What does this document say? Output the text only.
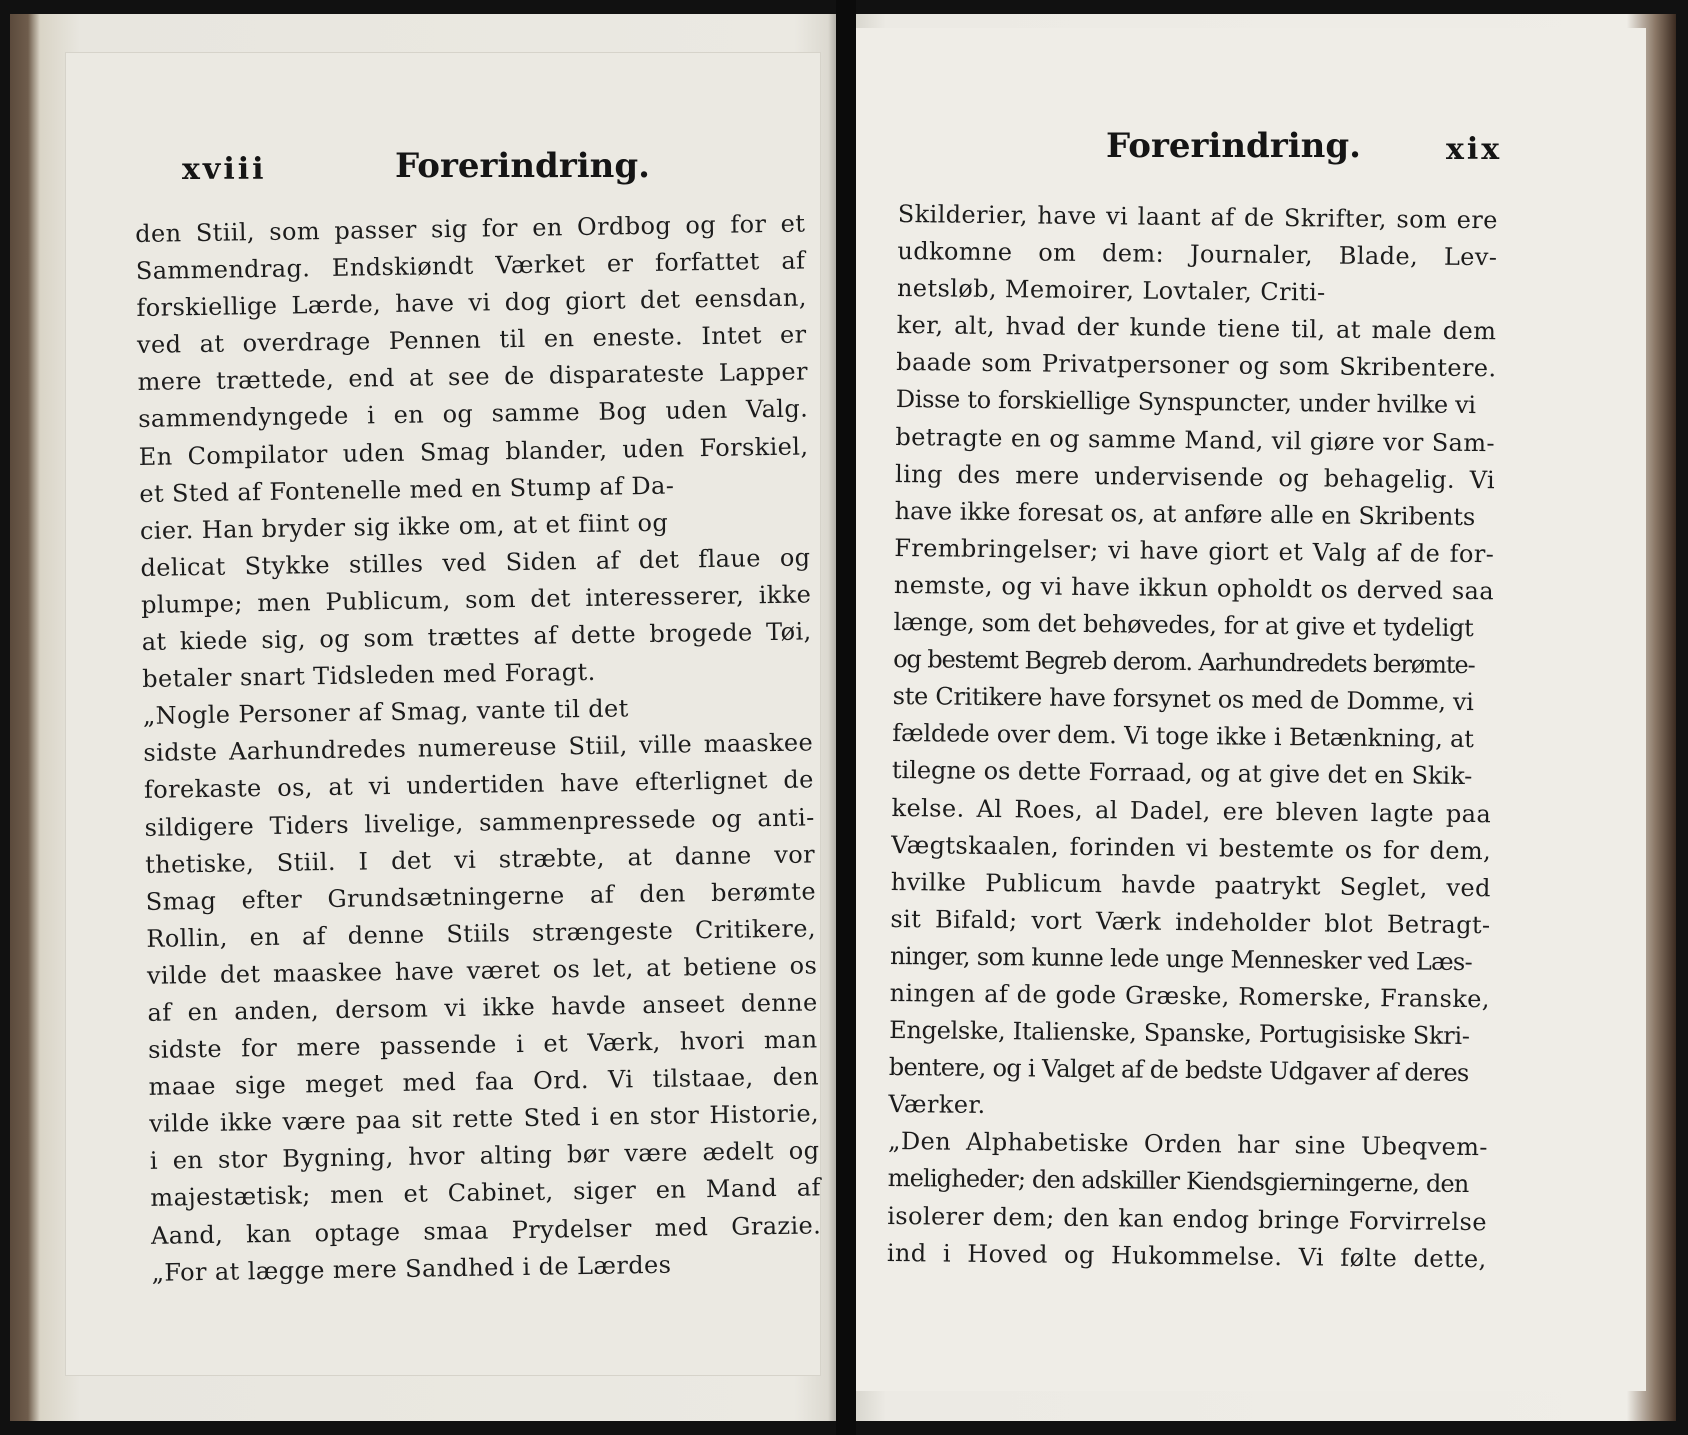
xviii	Forerindring.
den Stiil, som passer sig for en Ordbog og for et
Sammendrag. Endskiøndt Værket er forfattet af
forskiellige Lærde, have vi dog giort det eensdan,
ved at overdrage Pennen til en eneste. Intet er
mere trættede, end at see de disparateste Lapper
sammendyngede i en og samme Bog uden Valg.
En Compilator uden Smag blander, uden Forskiel,
et Sted af Fontenelle med en Stump af Da-
cier. Han bryder sig ikke om, at et fiint og
delicat Stykke stilles ved Siden af det flaue og
plumpe; men Publicum, som det interesserer, ikke
at kiede sig, og som trættes af dette brogede Tøi,
betaler snart Tidsleden med Foragt.
„Nogle Personer af Smag, vante til det
sidste Aarhundredes numereuse Stiil, ville maaskee
forekaste os, at vi undertiden have efterlignet de
sildigere Tiders livelige, sammenpressede og anti-
thetiske, Stiil. I det vi stræbte, at danne vor
Smag efter Grundsætningerne af den berømte
Rollin, en af denne Stiils strængeste Critikere,
vilde det maaskee have været os let, at betiene os
af en anden, dersom vi ikke havde anseet denne
sidste for mere passende i et Værk, hvori man
maae sige meget med faa Ord. Vi tilstaae, den
vilde ikke være paa sit rette Sted i en stor Historie,
i en stor Bygning, hvor alting bør være ædelt og
majestætisk; men et Cabinet, siger en Mand af
Aand, kan optage smaa Prydelser med Grazie.
„For at lægge mere Sandhed i de Lærdes
Forerindring.	xix
Skilderier, have vi laant af de Skrifter, som ere
udkomne om dem: Journaler, Blade, Lev-
netsløb, Memoirer, Lovtaler, Criti-
ker, alt, hvad der kunde tiene til, at male dem
baade som Privatpersoner og som Skribentere.
Disse to forskiellige Synspuncter, under hvilke vi
betragte en og samme Mand, vil giøre vor Sam-
ling des mere undervisende og behagelig. Vi
have ikke foresat os, at anføre alle en Skribents
Frembringelser; vi have giort et Valg af de for-
nemste, og vi have ikkun opholdt os derved saa
længe, som det behøvedes, for at give et tydeligt
og bestemt Begreb derom. Aarhundredets berømte-
ste Critikere have forsynet os med de Domme, vi
fældede over dem. Vi toge ikke i Betænkning, at
tilegne os dette Forraad, og at give det en Skik-
kelse. Al Roes, al Dadel, ere bleven lagte paa
Vægtskaalen, forinden vi bestemte os for dem,
hvilke Publicum havde paatrykt Seglet, ved
sit Bifald; vort Værk indeholder blot Betragt-
ninger, som kunne lede unge Mennesker ved Læs-
ningen af de gode Græske, Romerske, Franske,
Engelske, Italienske, Spanske, Portugisiske Skri-
bentere, og i Valget af de bedste Udgaver af deres
Værker.
„Den Alphabetiske Orden har sine Ubeqvem-
meligheder; den adskiller Kiendsgierningerne, den
isolerer dem; den kan endog bringe Forvirrelse
ind i Hoved og Hukommelse. Vi følte dette,
